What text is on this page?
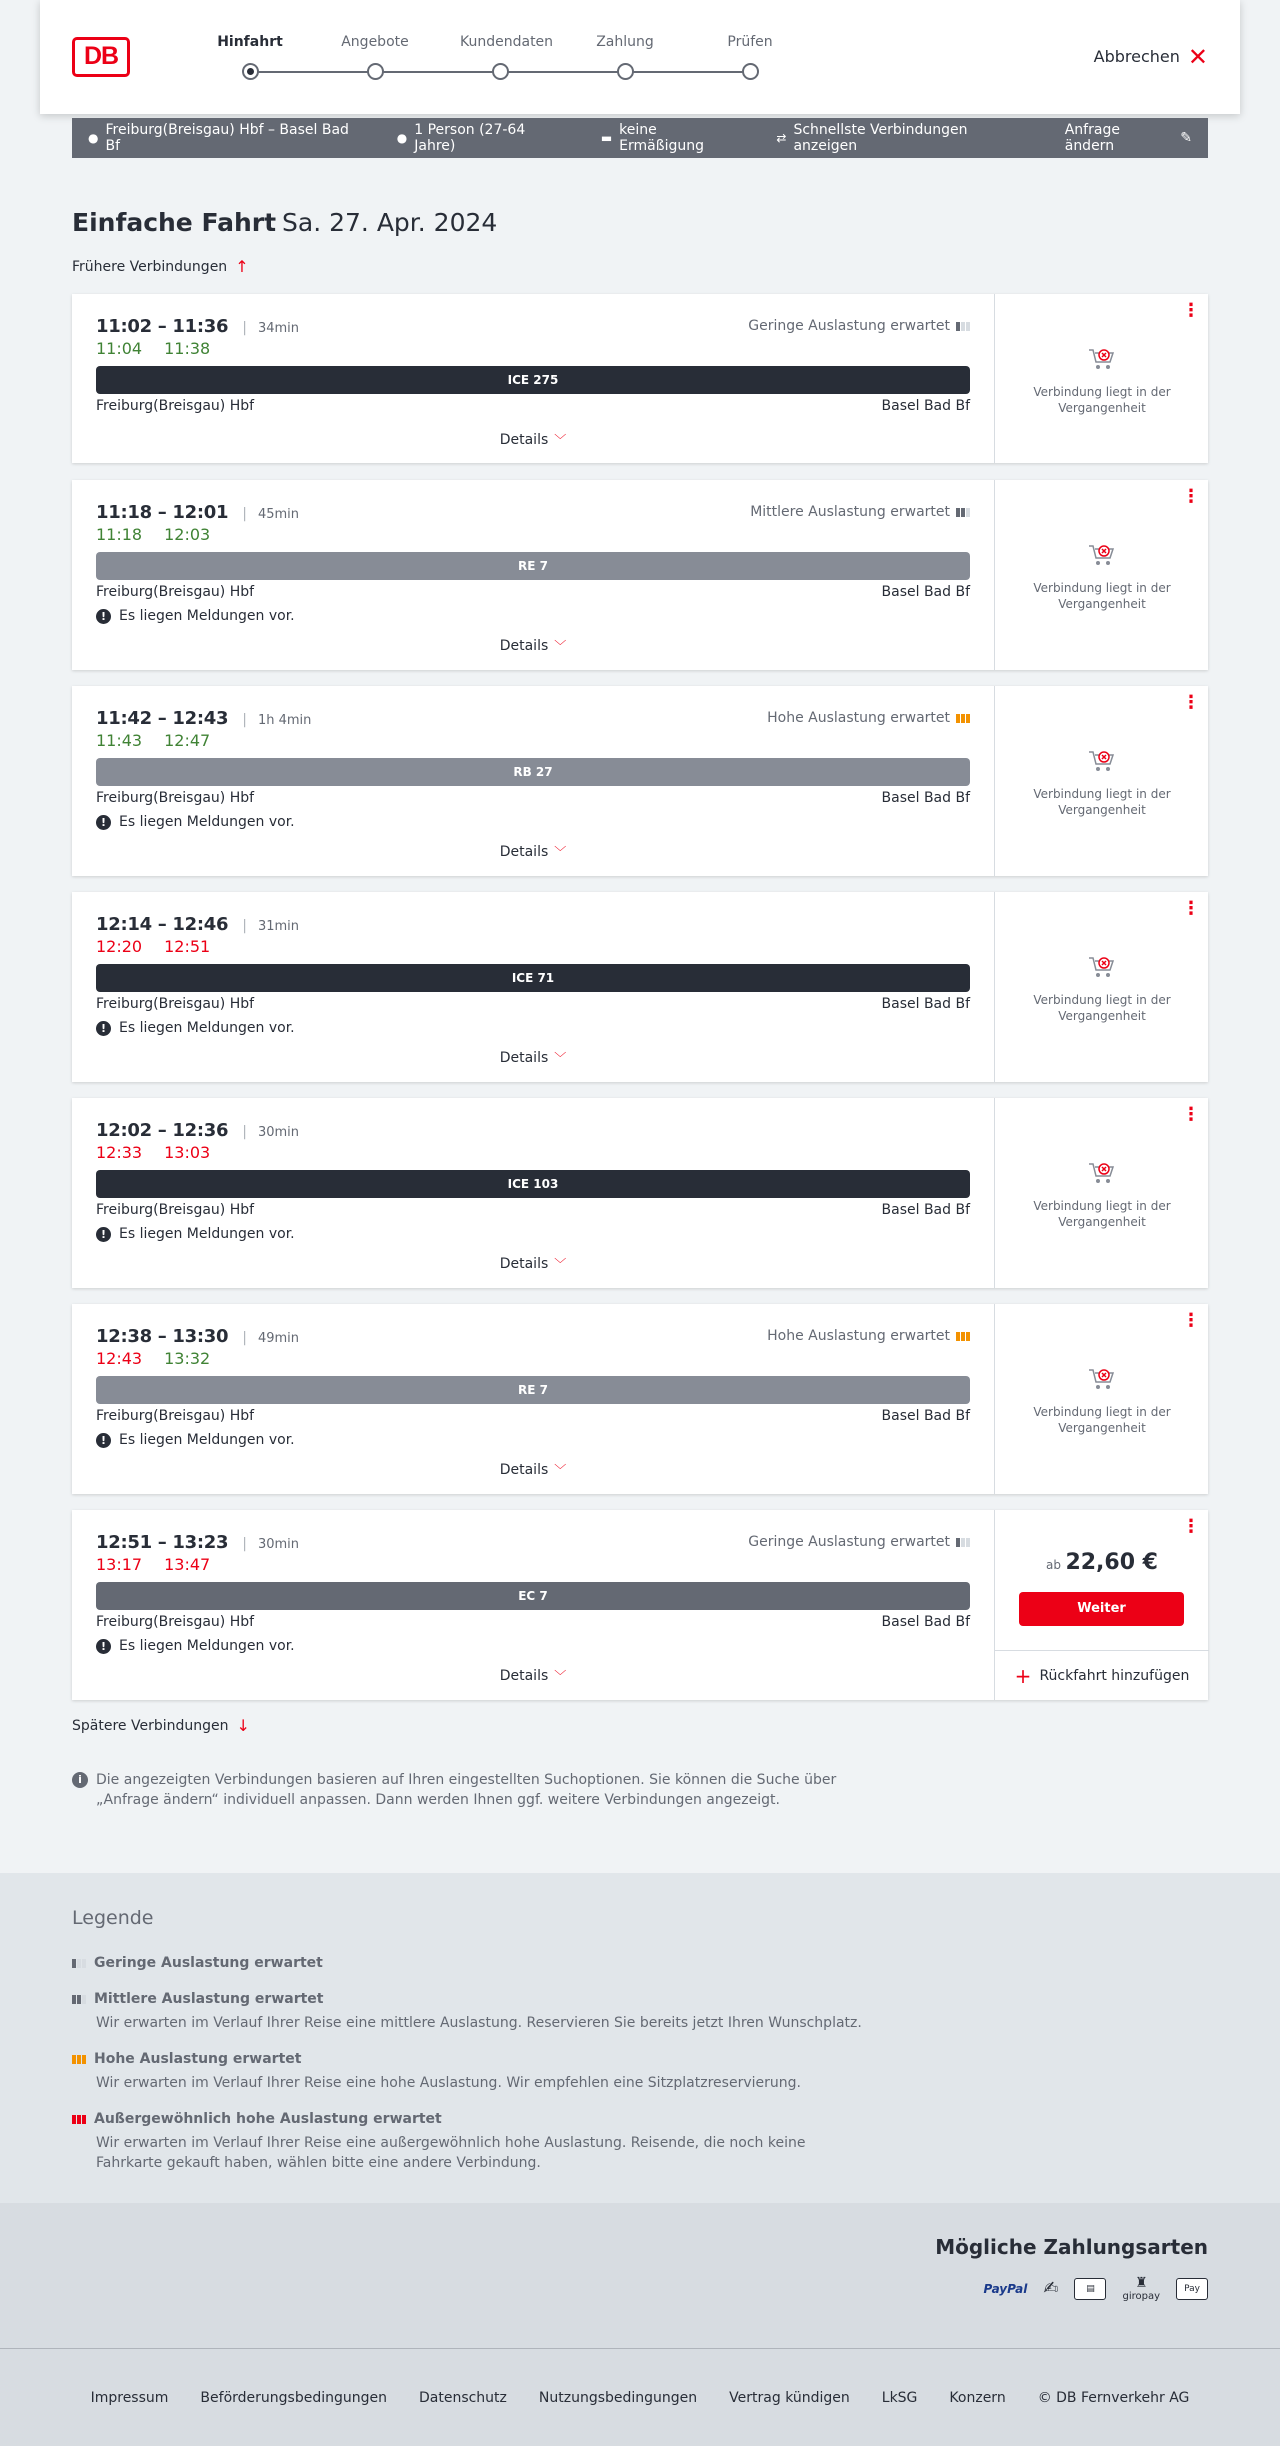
DB	Hinfahrt	Angebote	Kundendaten	Zahlung	Prüfen
Abbrechen ✕
● Freiburg(Breisgau) Hbf – Basel Bad Bf	● 1 Person (27-64 Jahre)	▬ keine Ermäßigung	⇄ Schnellste Verbindungen anzeigen
Anfrage ändern	✎
Einfache Fahrt Sa. 27. Apr. 2024
Frühere Verbindungen ↑
11:02 – 11:36 | 34min
11:04 11:38
Geringe Auslastung erwartet
ICE 275
Freiburg(Breisgau) Hbf	Basel Bad Bf
Details ﹀
⋮
Verbindung liegt in der Vergangenheit
11:18 – 12:01 | 45min
11:18 12:03
Mittlere Auslastung erwartet
RE 7
Freiburg(Breisgau) Hbf	Basel Bad Bf
! Es liegen Meldungen vor.
Details ﹀
⋮
Verbindung liegt in der Vergangenheit
11:42 – 12:43 | 1h 4min
11:43 12:47
Hohe Auslastung erwartet
RB 27
Freiburg(Breisgau) Hbf	Basel Bad Bf
! Es liegen Meldungen vor.
Details ﹀
⋮
Verbindung liegt in der Vergangenheit
12:14 – 12:46 | 31min
12:20 12:51
ICE 71
Freiburg(Breisgau) Hbf	Basel Bad Bf
! Es liegen Meldungen vor.
Details ﹀
⋮
Verbindung liegt in der Vergangenheit
12:02 – 12:36 | 30min
12:33 13:03
ICE 103
Freiburg(Breisgau) Hbf	Basel Bad Bf
! Es liegen Meldungen vor.
Details ﹀
⋮
Verbindung liegt in der Vergangenheit
12:38 – 13:30 | 49min
12:43 13:32
Hohe Auslastung erwartet
RE 7
Freiburg(Breisgau) Hbf	Basel Bad Bf
! Es liegen Meldungen vor.
Details ﹀
⋮
Verbindung liegt in der Vergangenheit
12:51 – 13:23 | 30min
13:17 13:47
Geringe Auslastung erwartet
EC 7
Freiburg(Breisgau) Hbf	Basel Bad Bf
! Es liegen Meldungen vor.
Details ﹀
⋮
ab 22,60 €
Weiter
+ Rückfahrt hinzufügen
Spätere Verbindungen ↓
i	Die angezeigten Verbindungen basieren auf Ihren eingestellten Suchoptionen. Sie können die Suche über „Anfrage ändern“ individuell anpassen. Dann werden Ihnen ggf. weitere Verbindungen angezeigt.
Legende
Geringe Auslastung erwartet
Mittlere Auslastung erwartet
Wir erwarten im Verlauf Ihrer Reise eine mittlere Auslastung. Reservieren Sie bereits jetzt Ihren Wunschplatz.
Hohe Auslastung erwartet
Wir erwarten im Verlauf Ihrer Reise eine hohe Auslastung. Wir empfehlen eine Sitzplatzreservierung.
Außergewöhnlich hohe Auslastung erwartet
Wir erwarten im Verlauf Ihrer Reise eine außergewöhnlich hohe Auslastung. Reisende, die noch keine Fahrkarte gekauft haben, wählen bitte eine andere Verbindung.
Mögliche Zahlungsarten
PayPal ✍	▤	♜
giropay
Pay
Impressum Beförderungsbedingungen Datenschutz Nutzungsbedingungen Vertrag kündigen LkSG Konzern © DB Fernverkehr AG
